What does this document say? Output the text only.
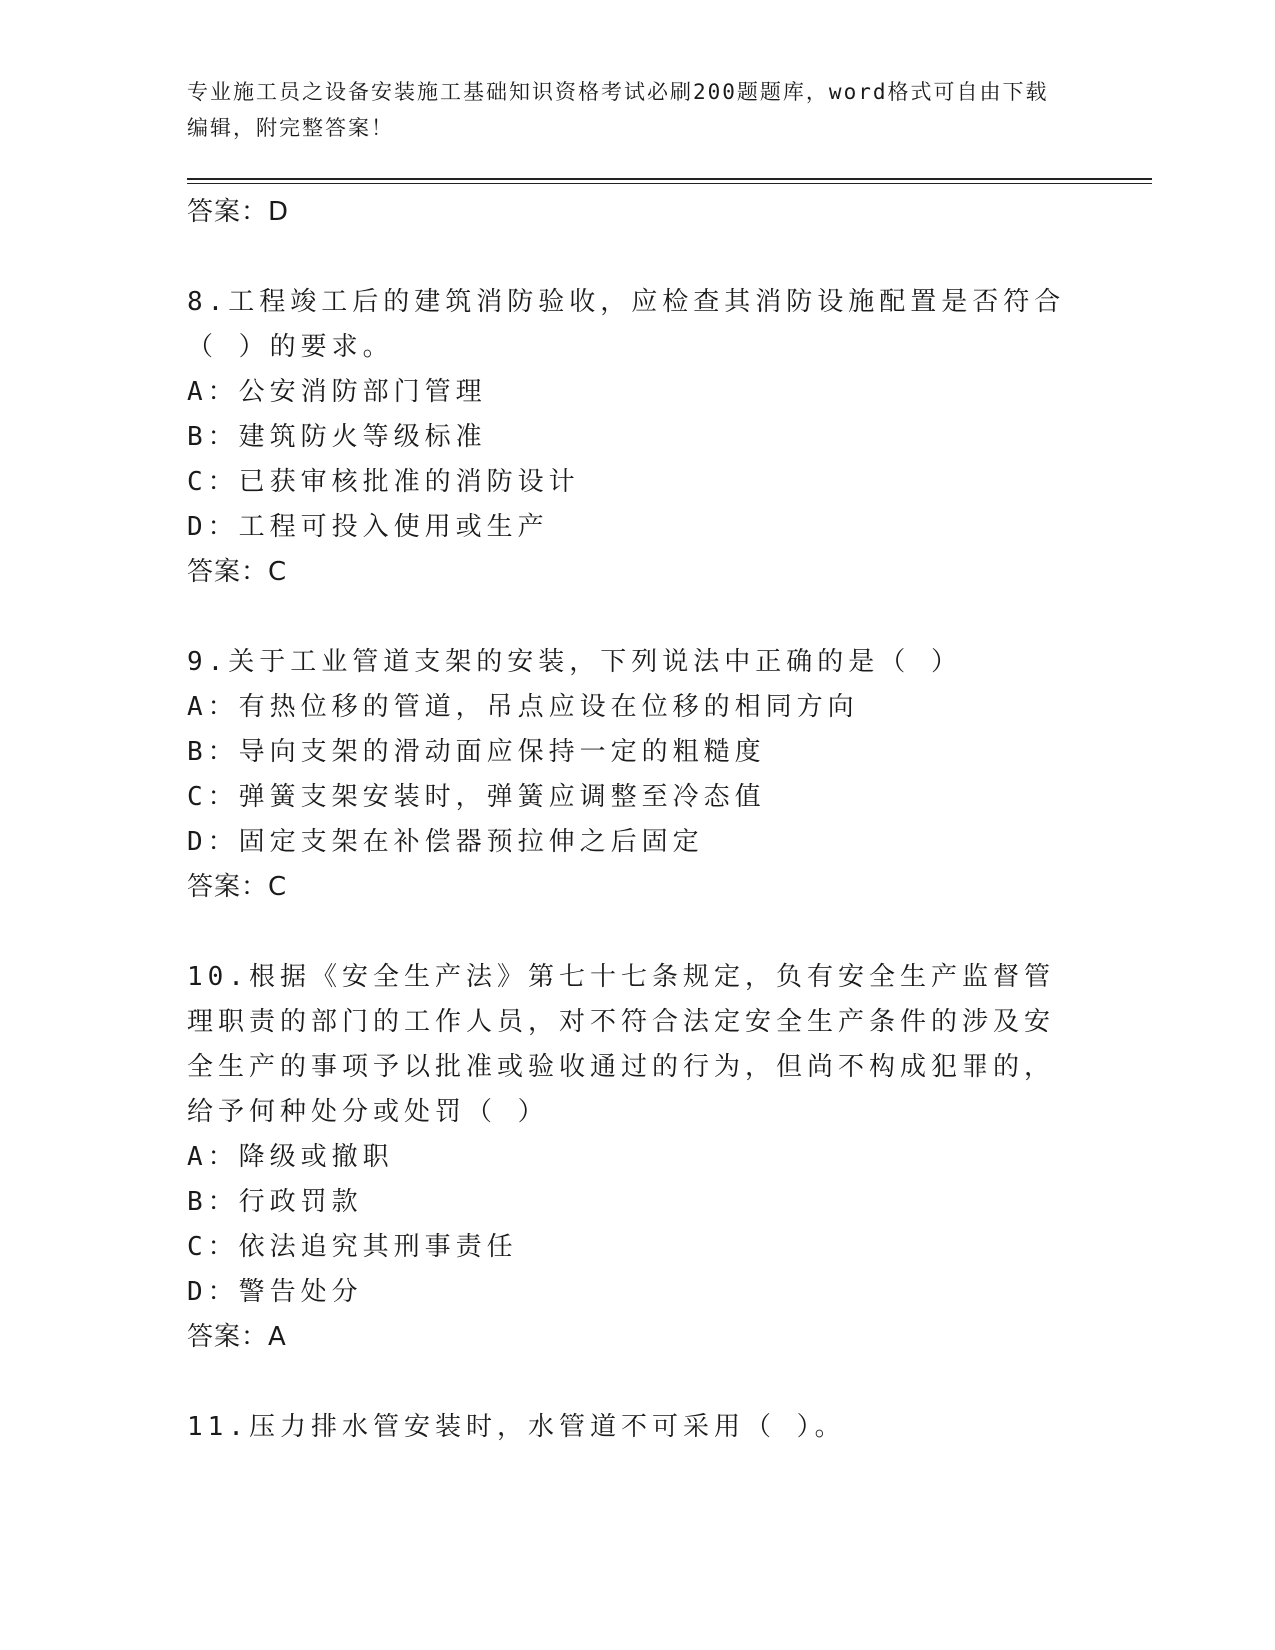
专业施工员之设备安装施工基础知识资格考试必刷200题题库，word格式可自由下载编辑，附完整答案！
答案：D
8.工程竣工后的建筑消防验收，应检查其消防设施配置是否符合（ ）的要求。
A：公安消防部门管理
B：建筑防火等级标准
C：已获审核批准的消防设计
D：工程可投入使用或生产
答案：C
9.关于工业管道支架的安装，下列说法中正确的是（ ）
A：有热位移的管道，吊点应设在位移的相同方向
B：导向支架的滑动面应保持一定的粗糙度
C：弹簧支架安装时，弹簧应调整至冷态值
D：固定支架在补偿器预拉伸之后固定
答案：C
10.根据《安全生产法》第七十七条规定，负有安全生产监督管理职责的部门的工作人员，对不符合法定安全生产条件的涉及安全生产的事项予以批准或验收通过的行为，但尚不构成犯罪的，给予何种处分或处罚（ ）
A：降级或撤职
B：行政罚款
C：依法追究其刑事责任
D：警告处分
答案：A
11.压力排水管安装时，水管道不可采用（ ）。
